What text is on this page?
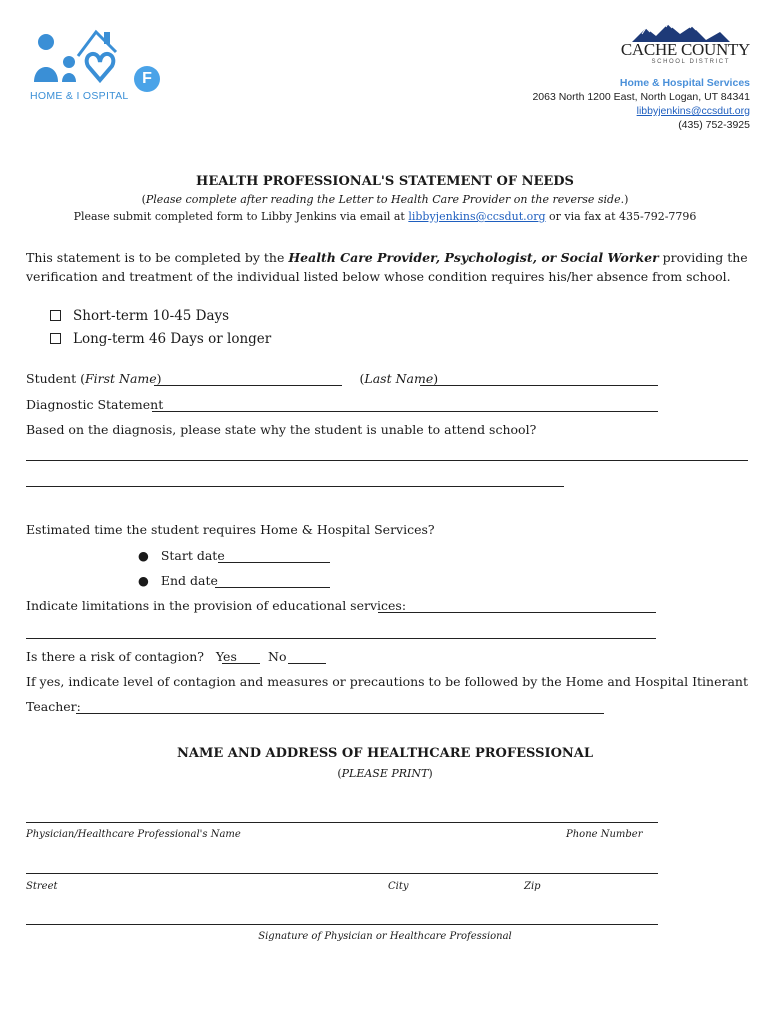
HOME & I OSPITAL
F
CACHE COUNTY
SCHOOL DISTRICT
Home & Hospital Services
2063 North 1200 East, North Logan, UT 84341
libbyjenkins@ccsdut.org
(435) 752-3925
HEALTH PROFESSIONAL'S STATEMENT OF NEEDS
(Please complete after reading the Letter to Health Care Provider on the reverse side.)
Please submit completed form to Libby Jenkins via email at libbyjenkins@ccsdut.org or via fax at 435-792-7796
This statement is to be completed by the Health Care Provider, Psychologist, or Social Worker providing the verification and treatment of the individual listed below whose condition requires his/her absence from school.
Short-term 10-45 Days
Long-term 46 Days or longer
Student (First Name)	(Last Name)
Diagnostic Statement
Based on the diagnosis, please state why the student is unable to attend school?
Estimated time the student requires Home & Hospital Services?
● Start date
● End date
Indicate limitations in the provision of educational services:
Is there a risk of contagion? Yes No
If yes, indicate level of contagion and measures or precautions to be followed by the Home and Hospital Itinerant
Teacher:
NAME AND ADDRESS OF HEALTHCARE PROFESSIONAL
(PLEASE PRINT)
Physician/Healthcare Professional's Name	Phone Number
Street	City	Zip
Signature of Physician or Healthcare Professional
